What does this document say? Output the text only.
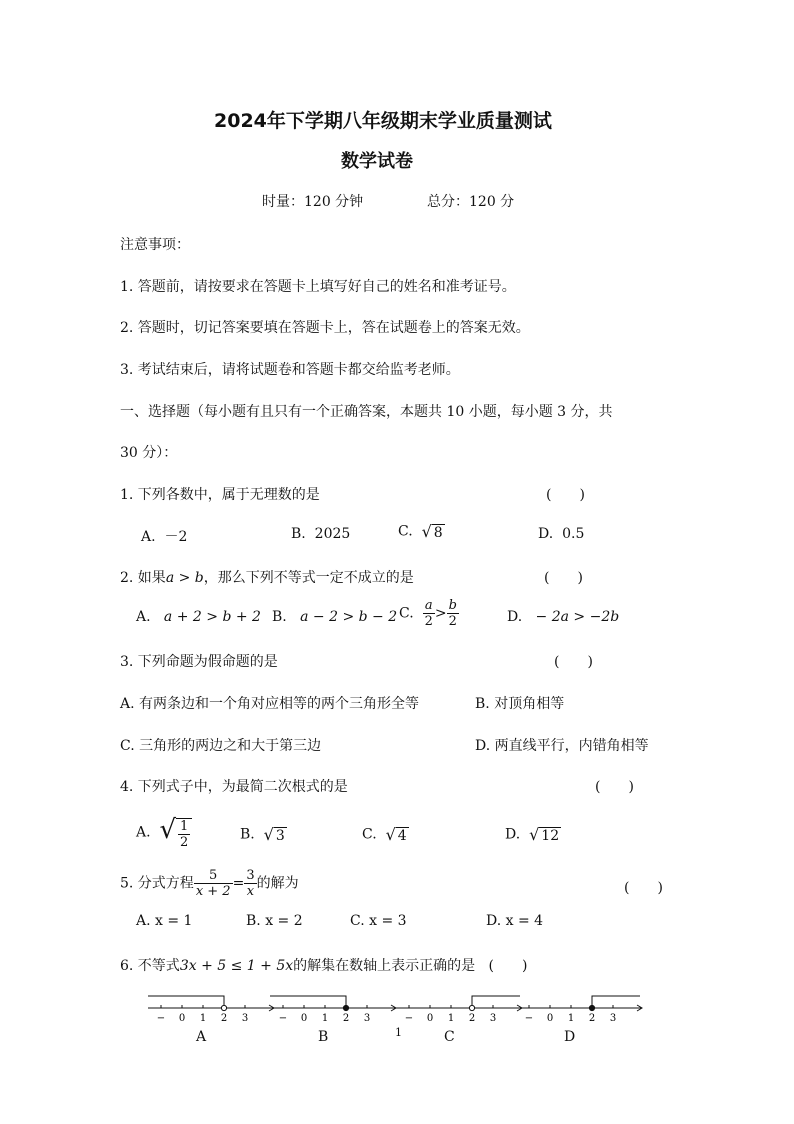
2024年下学期八年级期末学业质量测试
数学试卷
时量：120 分钟	总分：120 分
注意事项：
1. 答题前，请按要求在答题卡上填写好自己的姓名和准考证号。
2. 答题时，切记答案要填在答题卡上，答在试题卷上的答案无效。
3. 考试结束后，请将试题卷和答题卡都交给监考老师。
一、选择题（每小题有且只有一个正确答案，本题共 10 小题，每小题 3 分，共
30 分）：
1. 下列各数中，属于无理数的是	(　　)
A. －2	B. 2025	C. √ 8	D. 0.5
2. 如果a > b，那么下列不等式一定不成立的是	(　　)
A. a + 2 > b + 2 B. a − 2 > b − 2 C. $\frac{a}{2} > \frac{b}{2}$	D. − 2a > −2b
3. 下列命题为假命题的是	(　　)
A. 有两条边和一个角对应相等的两个三角形全等	B. 对顶角相等
C. 三角形的两边之和大于第三边	D. 两直线平行，内错角相等
4. 下列式子中，为最简二次根式的是	(　　)
A. √ $\frac{1}{2}$	B. √ 3	C. √ 4	D. √ 12
5. 分式方程 $\frac{5}{x + 2} = \frac{3}{x}$ 的解为	(　　)
A. x = 1	B. x = 2	C. x = 3	D. x = 4
6. 不等式3x + 5 ≤ 1 + 5x的解集在数轴上表示正确的是 (　　)
− 0 1 2 3
A
− 0 1 2 3
B
− 0 1 2 3
C
− 0 1 2 3
D
1
